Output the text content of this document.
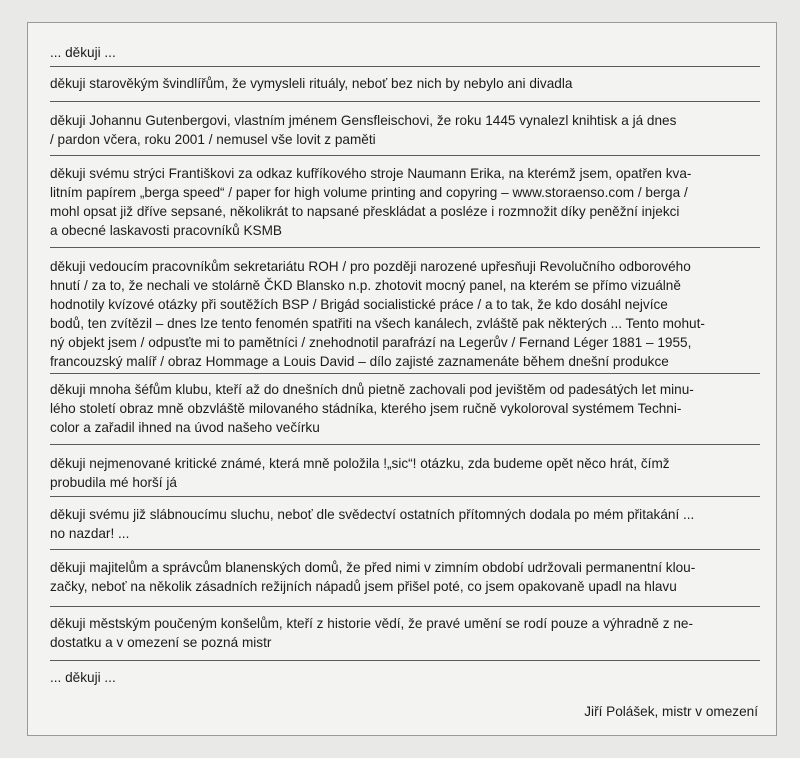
... děkuji ...
děkuji starověkým švindlířům, že vymysleli rituály, neboť bez nich by nebylo ani divadla
děkuji Johannu Gutenbergovi, vlastním jménem Gensfleischovi, že roku 1445 vynalezl knihtisk a já dnes
/ pardon včera, roku 2001 / nemusel vše lovit z paměti
děkuji svému strýci Františkovi za odkaz kufříkového stroje Naumann Erika, na kterémž jsem, opatřen kva-
litním papírem „berga speed“ / paper for high volume printing and copyring – www.storaenso.com / berga /
mohl opsat již dříve sepsané, několikrát to napsané přeskládat a posléze i rozmnožit díky peněžní injekci
a obecné laskavosti pracovníků KSMB
děkuji vedoucím pracovníkům sekretariátu ROH / pro později narozené upřesňuji Revolučního odborového
hnutí / za to, že nechali ve stolárně ČKD Blansko n.p. zhotovit mocný panel, na kterém se přímo vizuálně
hodnotily kvízové otázky při soutěžích BSP / Brigád socialistické práce / a to tak, že kdo dosáhl nejvíce
bodů, ten zvítězil – dnes lze tento fenomén spatřiti na všech kanálech, zvláště pak některých ... Tento mohut-
ný objekt jsem / odpusťte mi to pamětníci / znehodnotil parafrází na Legerův / Fernand Léger 1881 – 1955,
francouzský malíř / obraz Hommage a Louis David – dílo zajisté zaznamenáte během dnešní produkce
děkuji mnoha šéfům klubu, kteří až do dnešních dnů pietně zachovali pod jevištěm od padesátých let minu-
lého století obraz mně obzvláště milovaného stádníka, kterého jsem ručně vykoloroval systémem Techni-
color a zařadil ihned na úvod našeho večírku
děkuji nejmenované kritické známé, která mně položila !„sic“! otázku, zda budeme opět něco hrát, čímž
probudila mé horší já
děkuji svému již slábnoucímu sluchu, neboť dle svědectví ostatních přítomných dodala po mém přitakání ...
no nazdar! ...
děkuji majitelům a správcům blanenských domů, že před nimi v zimním období udržovali permanentní klou-
začky, neboť na několik zásadních režijních nápadů jsem přišel poté, co jsem opakovaně upadl na hlavu
děkuji městským poučeným konšelům, kteří z historie vědí, že pravé umění se rodí pouze a výhradně z ne-
dostatku a v omezení se pozná mistr
... děkuji ...
Jiří Polášek, mistr v omezení
